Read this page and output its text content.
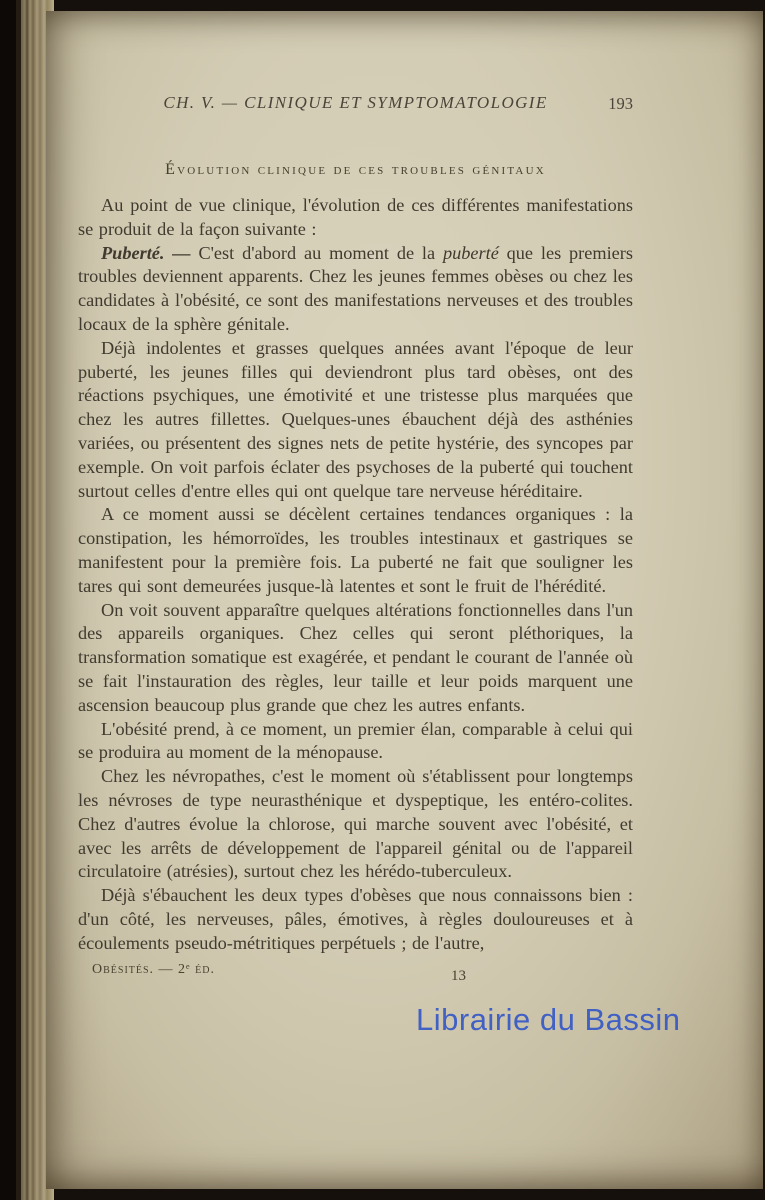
CH. V. — CLINIQUE ET SYMPTOMATOLOGIE	193
Évolution clinique de ces troubles génitaux

Au point de vue clinique, l'évolution de ces différentes manifestations se produit de la façon suivante :

Puberté. — C'est d'abord au moment de la puberté que les premiers troubles deviennent apparents. Chez les jeunes femmes obèses ou chez les candidates à l'obésité, ce sont des manifestations nerveuses et des troubles locaux de la sphère génitale.

Déjà indolentes et grasses quelques années avant l'époque de leur puberté, les jeunes filles qui deviendront plus tard obèses, ont des réactions psychiques, une émotivité et une tristesse plus marquées que chez les autres fillettes. Quelques-unes ébauchent déjà des asthénies variées, ou présentent des signes nets de petite hystérie, des syncopes par exemple. On voit parfois éclater des psychoses de la puberté qui touchent surtout celles d'entre elles qui ont quelque tare nerveuse héréditaire.

A ce moment aussi se décèlent certaines tendances organiques : la constipation, les hémorroïdes, les troubles intestinaux et gastriques se manifestent pour la première fois. La puberté ne fait que souligner les tares qui sont demeurées jusque-là latentes et sont le fruit de l'hérédité.

On voit souvent apparaître quelques altérations fonctionnelles dans l'un des appareils organiques. Chez celles qui seront pléthoriques, la transformation somatique est exagérée, et pendant le courant de l'année où se fait l'instauration des règles, leur taille et leur poids marquent une ascension beaucoup plus grande que chez les autres enfants.

L'obésité prend, à ce moment, un premier élan, comparable à celui qui se produira au moment de la ménopause.

Chez les névropathes, c'est le moment où s'établissent pour longtemps les névroses de type neurasthénique et dyspeptique, les entéro-colites. Chez d'autres évolue la chlorose, qui marche souvent avec l'obésité, et avec les arrêts de développement de l'appareil génital ou de l'appareil circulatoire (atrésies), surtout chez les hérédo-tuberculeux.

Déjà s'ébauchent les deux types d'obèses que nous connaissons bien : d'un côté, les nerveuses, pâles, émotives, à règles douloureuses et à écoulements pseudo-métritiques perpétuels ; de l'autre,

Obésités. — 2ᵉ éd.	13
Librairie du Bassin
